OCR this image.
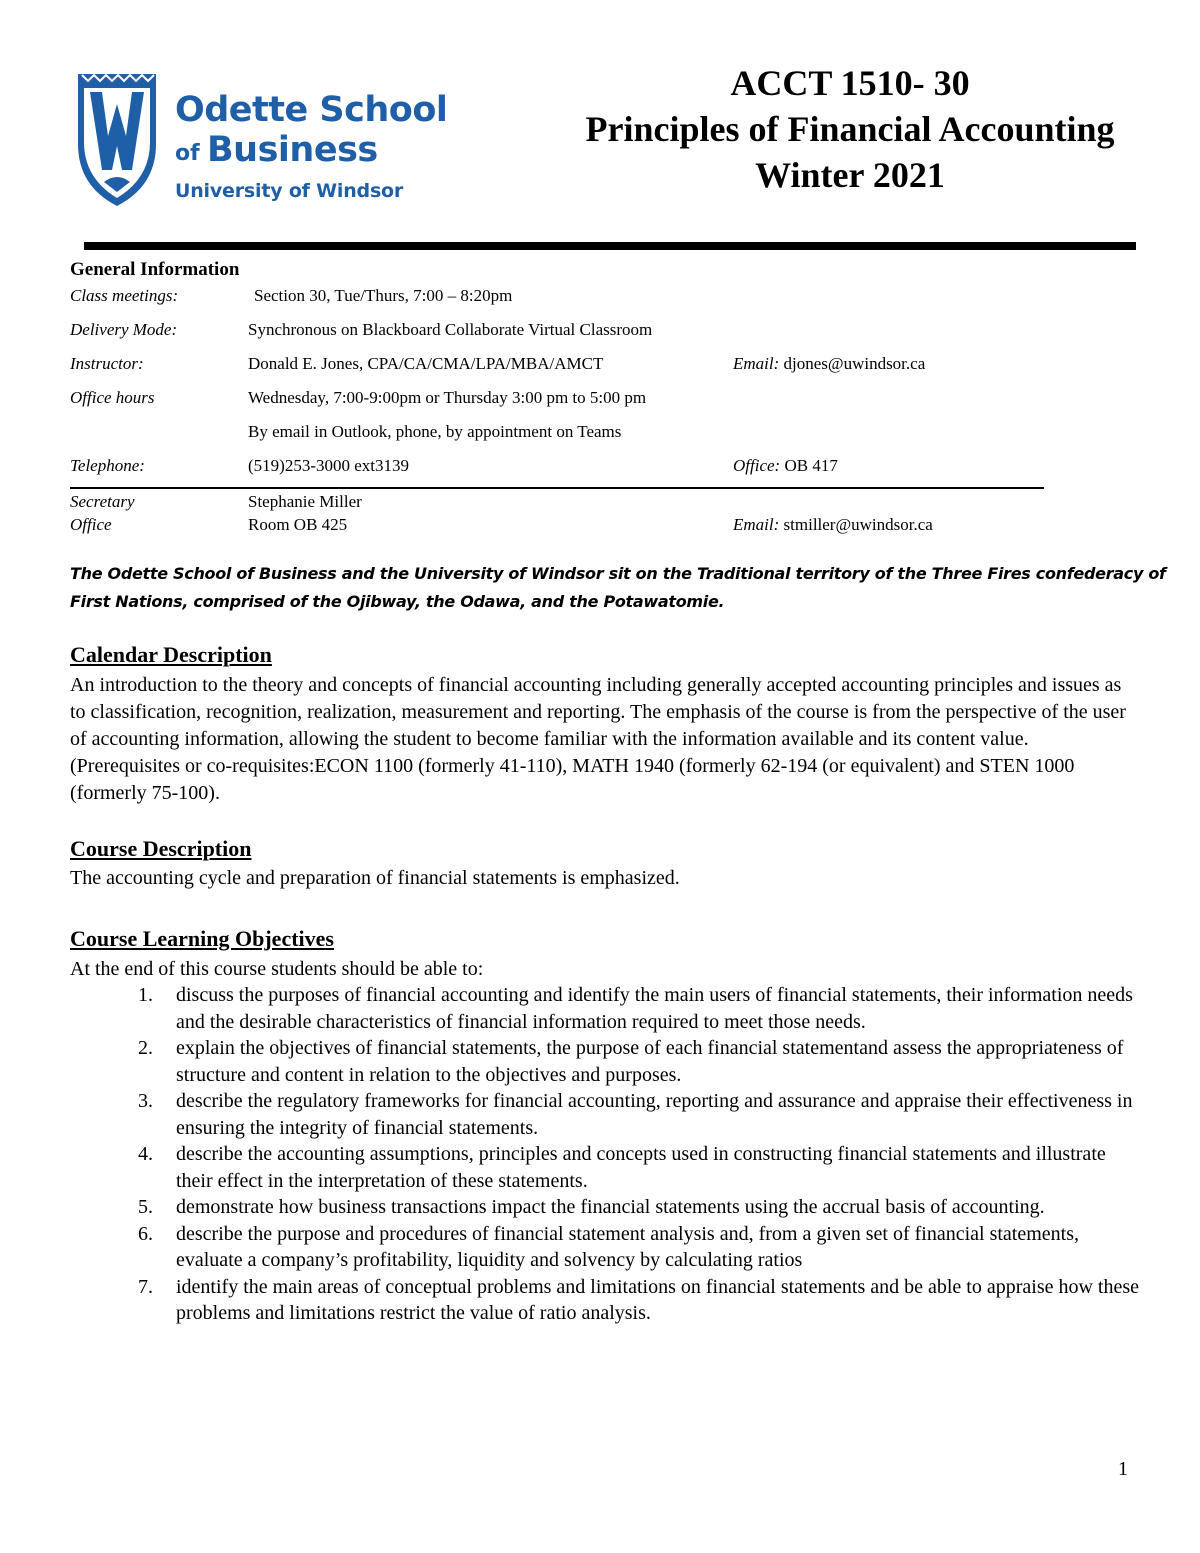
Odette School
of Business
University of Windsor
ACCT 1510- 30
Principles of Financial Accounting
Winter 2021
General Information
Class meetings:	Section 30, Tue/Thurs, 7:00 – 8:20pm
Delivery Mode:	Synchronous on Blackboard Collaborate Virtual Classroom
Instructor:	Donald E. Jones, CPA/CA/CMA/LPA/MBA/AMCT	Email: djones@uwindsor.ca
Office hours	Wednesday, 7:00-9:00pm or Thursday 3:00 pm to 5:00 pm
By email in Outlook, phone, by appointment on Teams
Telephone:	(519)253-3000 ext3139	Office: OB 417
Secretary	Stephanie Miller
Office	Room OB 425	Email: stmiller@uwindsor.ca
The Odette School of Business and the University of Windsor sit on the Traditional territory of the Three Fires confederacy of First Nations, comprised of the Ojibway, the Odawa, and the Potawatomie.
Calendar Description
An introduction to the theory and concepts of financial accounting including generally accepted accounting principles and issues as to classification, recognition, realization, measurement and reporting. The emphasis of the course is from the perspective of the user of accounting information, allowing the student to become familiar with the information available and its content value. (Prerequisites or co-requisites:ECON 1100 (formerly 41-110), MATH 1940 (formerly 62-194 (or equivalent) and STEN 1000 (formerly 75-100).
Course Description
The accounting cycle and preparation of financial statements is emphasized.
Course Learning Objectives
At the end of this course students should be able to:
1. discuss the purposes of financial accounting and identify the main users of financial statements, their information needs and the desirable characteristics of financial information required to meet those needs.
2. explain the objectives of financial statements, the purpose of each financial statementand assess the appropriateness of structure and content in relation to the objectives and purposes.
3. describe the regulatory frameworks for financial accounting, reporting and assurance and appraise their effectiveness in ensuring the integrity of financial statements.
4. describe the accounting assumptions, principles and concepts used in constructing financial statements and illustrate their effect in the interpretation of these statements.
5. demonstrate how business transactions impact the financial statements using the accrual basis of accounting.
6. describe the purpose and procedures of financial statement analysis and, from a given set of financial statements, evaluate a company’s profitability, liquidity and solvency by calculating ratios
7. identify the main areas of conceptual problems and limitations on financial statements and be able to appraise how these problems and limitations restrict the value of ratio analysis.
1
